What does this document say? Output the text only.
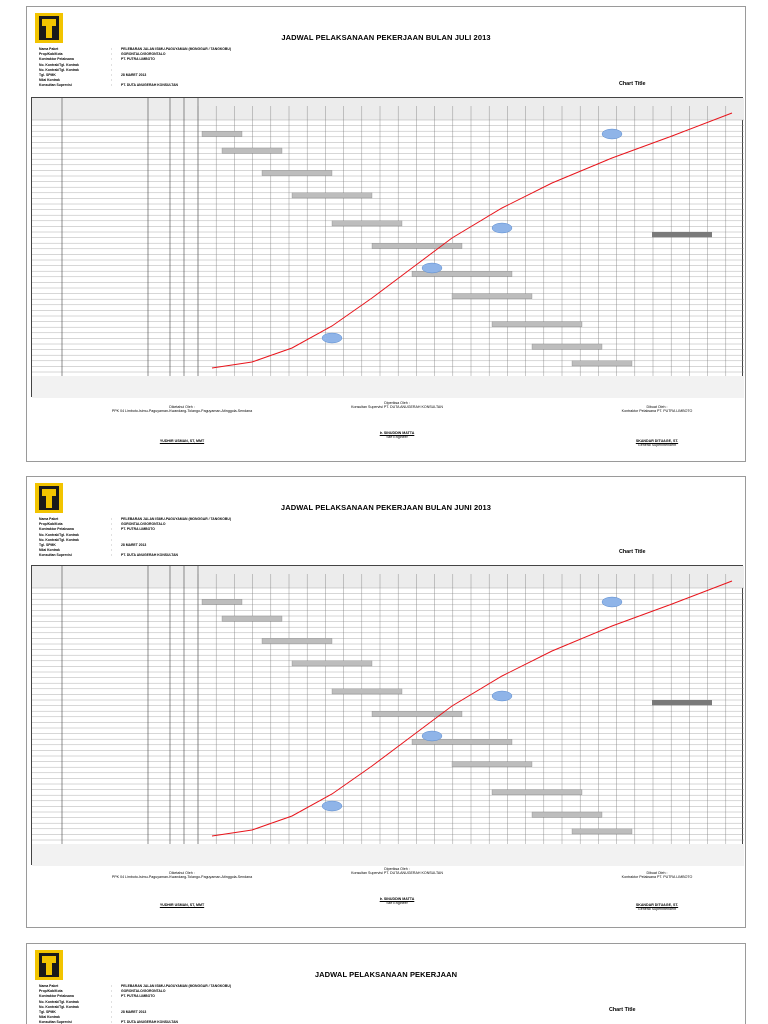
JADWAL PELAKSANAAN PEKERJAAN BULAN JULI 2013
Nama Paket	:	PELEBARAN JALAN ISIMU-PAGUYAMAN (MONGGAR / TANGKOBU)
Prop/Kab/Kota	:	GORONTALO/GORONTALO
Kontraktor Pelaksana	:	PT. PUTRA LIMBOTO
No. Kontrak/Tgl. Kontrak	:
No. Kontrak/Tgl. Kontrak	:
Tgl. SPMK	:	28 MARET 2013
Nilai Kontrak	:
Konsultan Supervisi	:	PT. DUTA ANUGERAH KONSULTAN	Chart Title
Diketahui Oleh :
PPK 04 Limboto-Isimu-Paguyaman-Kwandang-Tolango-Paguyaman-Atinggola-Sendana
YUDHIR USMAN, ST, MMT
Diperiksa Oleh :
Konsultan Supervisi PT. DUTA ANUGERAH KONSULTAN
Ir. SINUDDIN MATTA
Site Engineer
Dibuat Oleh :
Kontraktor Pelaksana PT. PUTRA LIMBOTO
SKANDAR DITUAGE, ST.
General Superintendent
JADWAL PELAKSANAAN PEKERJAAN BULAN JUNI 2013
Nama Paket	:	PELEBARAN JALAN ISIMU-PAGUYAMAN (MONGGAR / TANGKOBU)
Prop/Kab/Kota	:	GORONTALO/GORONTALO
Kontraktor Pelaksana	:	PT. PUTRA LIMBOTO
No. Kontrak/Tgl. Kontrak	:
No. Kontrak/Tgl. Kontrak	:
Tgl. SPMK	:	28 MARET 2013
Nilai Kontrak	:
Konsultan Supervisi	:	PT. DUTA ANUGERAH KONSULTAN
Chart Title
Diketahui Oleh :
PPK 04 Limboto-Isimu-Paguyaman-Kwandang-Tolango-Paguyaman-Atinggola-Sendana
YUDHIR USMAN, ST, MMT
Diperiksa Oleh :
Konsultan Supervisi PT. DUTA ANUGERAH KONSULTAN
Ir. SINUDDIN MATTA
Site Engineer
Dibuat Oleh :
Kontraktor Pelaksana PT. PUTRA LIMBOTO
SKANDAR DITUAGE, ST.
General Superintendent
JADWAL PELAKSANAAN PEKERJAAN
Nama Paket	:	PELEBARAN JALAN ISIMU-PAGUYAMAN (MONGGAR / TANGKOBU)
Prop/Kab/Kota	:	GORONTALO/GORONTALO
Kontraktor Pelaksana	:	PT. PUTRA LIMBOTO
No. Kontrak/Tgl. Kontrak	:
No. Kontrak/Tgl. Kontrak	:
Tgl. SPMK	:	28 MARET 2013
Nilai Kontrak	:
Konsultan Supervisi	:	PT. DUTA ANUGERAH KONSULTAN
Chart Title
